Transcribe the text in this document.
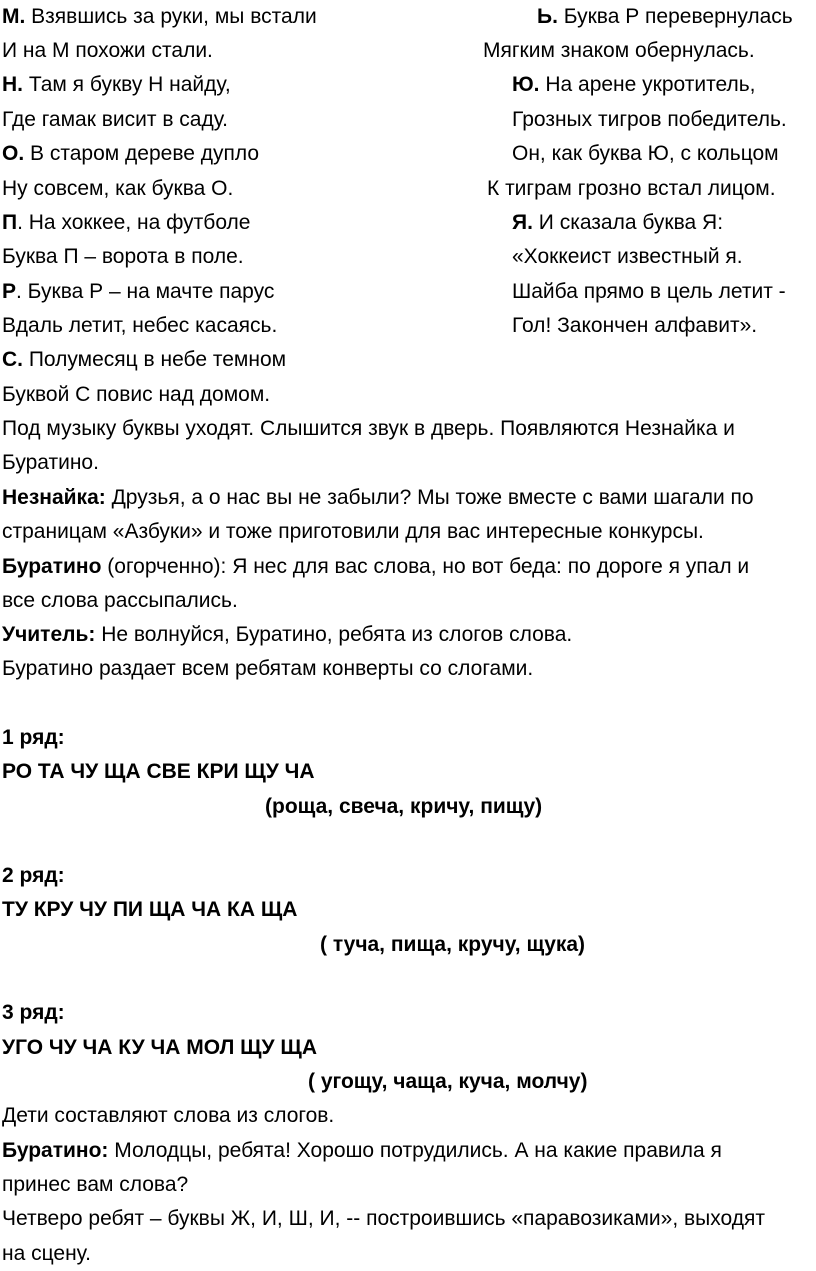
М. Взявшись за руки, мы встали
И на М похожи стали.
Н. Там я букву Н найду,
Где гамак висит в саду.
О. В старом дереве дупло
Ну совсем, как буква О.
П. На хоккее, на футболе
Буква П – ворота в поле.
Р. Буква Р – на мачте парус
Вдаль летит, небес касаясь.
С. Полумесяц в небе темном
Буквой С повис над домом.
Ь. Буква Р перевернулась
Мягким знаком обернулась.
Ю. На арене укротитель,
Грозных тигров победитель.
Он, как буква Ю, с кольцом
К тиграм грозно встал лицом.
Я. И сказала буква Я:
«Хоккеист известный я.
Шайба прямо в цель летит -
Гол! Закончен алфавит».
Под музыку буквы уходят. Слышится звук в дверь. Появляются Незнайка и
Буратино.
Незнайка: Друзья, а о нас вы не забыли? Мы тоже вместе с вами шагали по
страницам «Азбуки» и тоже приготовили для вас интересные конкурсы.
Буратино (огорченно): Я нес для вас слова, но вот беда: по дороге я упал и
все слова рассыпались.
Учитель: Не волнуйся, Буратино, ребята из слогов слова.
Буратино раздает всем ребятам конверты со слогами.
1 ряд:
РО ТА ЧУ ЩА СВЕ КРИ ЩУ ЧА
(роща, свеча, кричу, пищу)
2 ряд:
ТУ КРУ ЧУ ПИ ЩА ЧА КА ЩА
( туча, пища, кручу, щука)
3 ряд:
УГО ЧУ ЧА КУ ЧА МОЛ ЩУ ЩА
( угощу, чаща, куча, молчу)
Дети составляют слова из слогов.
Буратино: Молодцы, ребята! Хорошо потрудились. А на какие правила я
принес вам слова?
Четверо ребят – буквы Ж, И, Ш, И, -- построившись «паравозиками», выходят
на сцену.
